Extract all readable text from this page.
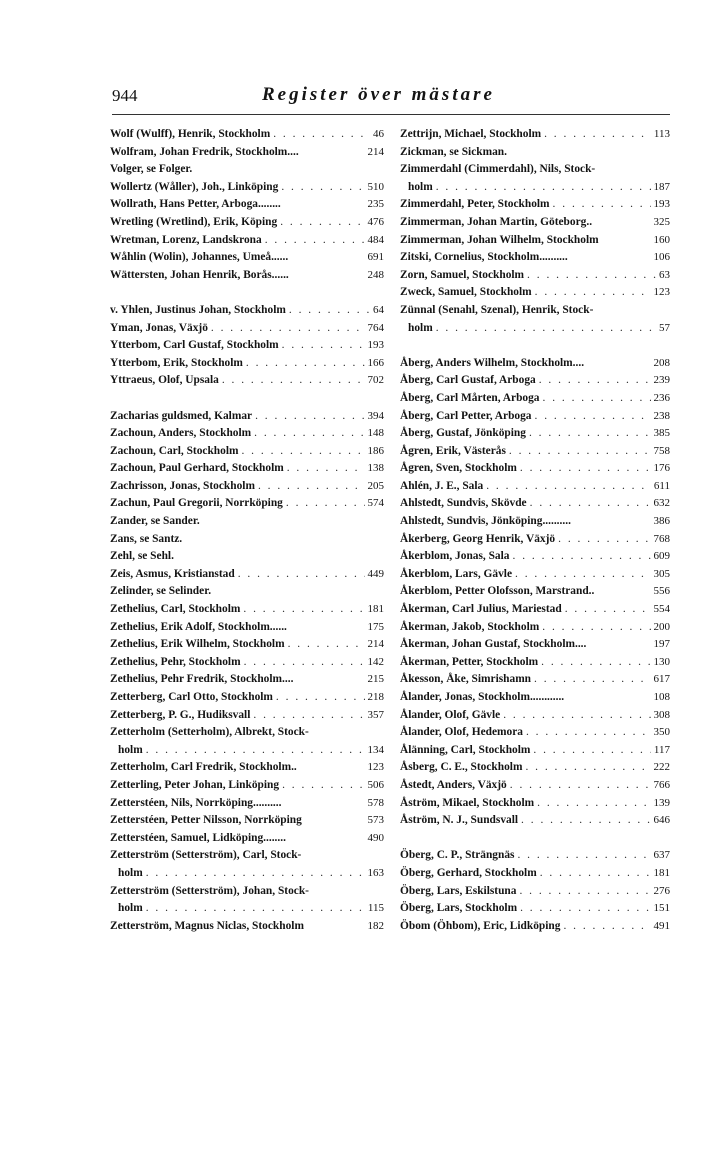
944	Register över mästare
Wolf (Wulff), Henrik, Stockholm . . .	46
Wolfram, Johan Fredrik, Stockholm....	214
Volger, se Folger.
Wollertz (Wåller), Joh., Linköping . . .	510
Wollrath, Hans Petter, Arboga........	235
Wretling (Wretlind), Erik, Köping . . .	476
Wretman, Lorenz, Landskrona . . .	484
Wåhlin (Wolin), Johannes, Umeå......	691
Wättersten, Johan Henrik, Borås......	248
v. Yhlen, Justinus Johan, Stockholm . . .	64
Yman, Jonas, Växjö . . .	764
Ytterbom, Carl Gustaf, Stockholm . . .	193
Ytterbom, Erik, Stockholm . . .	166
Yttraeus, Olof, Upsala . . .	702
Zacharias guldsmed, Kalmar . . .	394
Zachoun, Anders, Stockholm . . .	148
Zachoun, Carl, Stockholm . . .	186
Zachoun, Paul Gerhard, Stockholm . . .	138
Zachrisson, Jonas, Stockholm . . .	205
Zachun, Paul Gregorii, Norrköping . . .	574
Zander, se Sander.
Zans, se Santz.
Zehl, se Sehl.
Zeis, Asmus, Kristianstad . . .	449
Zelinder, se Selinder.
Zethelius, Carl, Stockholm . . .	181
Zethelius, Erik Adolf, Stockholm......	175
Zethelius, Erik Wilhelm, Stockholm . . .	214
Zethelius, Pehr, Stockholm . . .	142
Zethelius, Pehr Fredrik, Stockholm....	215
Zetterberg, Carl Otto, Stockholm . . .	218
Zetterberg, P. G., Hudiksvall . . .	357
Zetterholm (Setterholm), Albrekt, Stock-
holm . . .	134
Zetterholm, Carl Fredrik, Stockholm..	123
Zetterling, Peter Johan, Linköping . . .	506
Zetterstéen, Nils, Norrköping..........	578
Zetterstéen, Petter Nilsson, Norrköping	573
Zetterstéen, Samuel, Lidköping........	490
Zetterström (Setterström), Carl, Stock-
holm . . .	163
Zetterström (Setterström), Johan, Stock-
holm . . .	115
Zetterström, Magnus Niclas, Stockholm	182
Zettrijn, Michael, Stockholm . . .	113
Zickman, se Sickman.
Zimmerdahl (Cimmerdahl), Nils, Stock-
holm . . .	187
Zimmerdahl, Peter, Stockholm . . .	193
Zimmerman, Johan Martin, Göteborg..	325
Zimmerman, Johan Wilhelm, Stockholm	160
Zitski, Cornelius, Stockholm..........	106
Zorn, Samuel, Stockholm . . .	63
Zweck, Samuel, Stockholm . . .	123
Zünnal (Senahl, Szenal), Henrik, Stock-
holm . . .	57
Åberg, Anders Wilhelm, Stockholm....	208
Åberg, Carl Gustaf, Arboga . . .	239
Åberg, Carl Mårten, Arboga . . .	236
Åberg, Carl Petter, Arboga . . .	238
Åberg, Gustaf, Jönköping . . .	385
Ågren, Erik, Västerås . . .	758
Ågren, Sven, Stockholm . . .	176
Ahlén, J. E., Sala . . .	611
Ahlstedt, Sundvis, Skövde . . .	632
Ahlstedt, Sundvis, Jönköping..........	386
Åkerberg, Georg Henrik, Växjö . . .	768
Åkerblom, Jonas, Sala . . .	609
Åkerblom, Lars, Gävle . . .	305
Åkerblom, Petter Olofsson, Marstrand..	556
Åkerman, Carl Julius, Mariestad . . .	554
Åkerman, Jakob, Stockholm . . .	200
Åkerman, Johan Gustaf, Stockholm....	197
Åkerman, Petter, Stockholm . . .	130
Åkesson, Åke, Simrishamn . . .	617
Ålander, Jonas, Stockholm............	108
Ålander, Olof, Gävle . . .	308
Ålander, Olof, Hedemora . . .	350
Ålänning, Carl, Stockholm . . .	117
Åsberg, C. E., Stockholm . . .	222
Åstedt, Anders, Växjö . . .	766
Åström, Mikael, Stockholm . . .	139
Åström, N. J., Sundsvall . . .	646
Öberg, C. P., Strängnäs . . .	637
Öberg, Gerhard, Stockholm . . .	181
Öberg, Lars, Eskilstuna . . .	276
Öberg, Lars, Stockholm . . .	151
Öbom (Öhbom), Eric, Lidköping . . .	491
